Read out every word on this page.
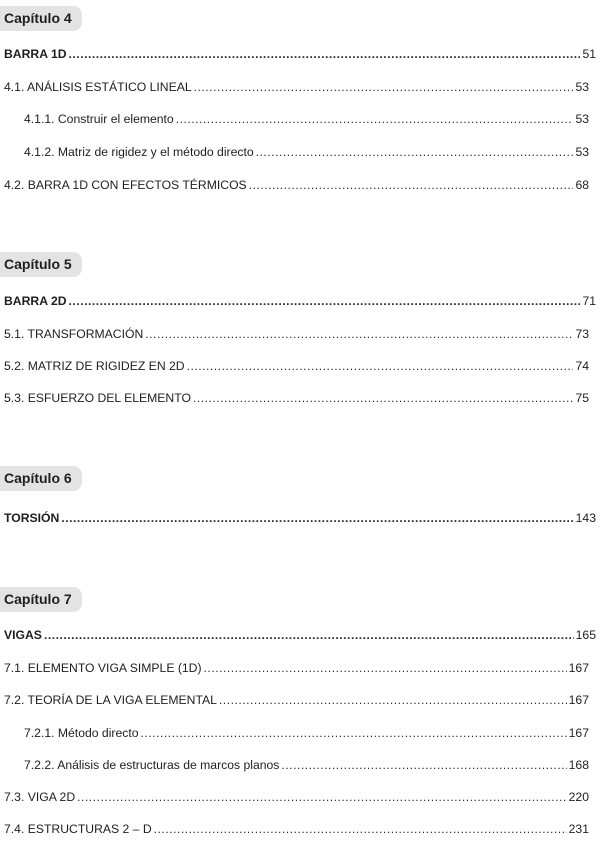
Capítulo 4
BARRA 1D .....	51
4.1. ANÁLISIS ESTÁTICO LINEAL .....	53
4.1.1. Construir el elemento .....	53
4.1.2. Matriz de rigidez y el método directo .....	53
4.2. BARRA 1D CON EFECTOS TÉRMICOS .....	68
Capítulo 5
BARRA 2D .....	71
5.1. TRANSFORMACIÓN .....	73
5.2. MATRIZ DE RIGIDEZ EN 2D .....	74
5.3. ESFUERZO DEL ELEMENTO .....	75
Capítulo 6
TORSIÓN .....	143
Capítulo 7
VIGAS .....	165
7.1. ELEMENTO VIGA SIMPLE (1D) .....	167
7.2. TEORÍA DE LA VIGA ELEMENTAL .....	167
7.2.1. Método directo .....	167
7.2.2. Análisis de estructuras de marcos planos .....	168
7.3. VIGA 2D .....	220
7.4. ESTRUCTURAS 2 – D .....	231
